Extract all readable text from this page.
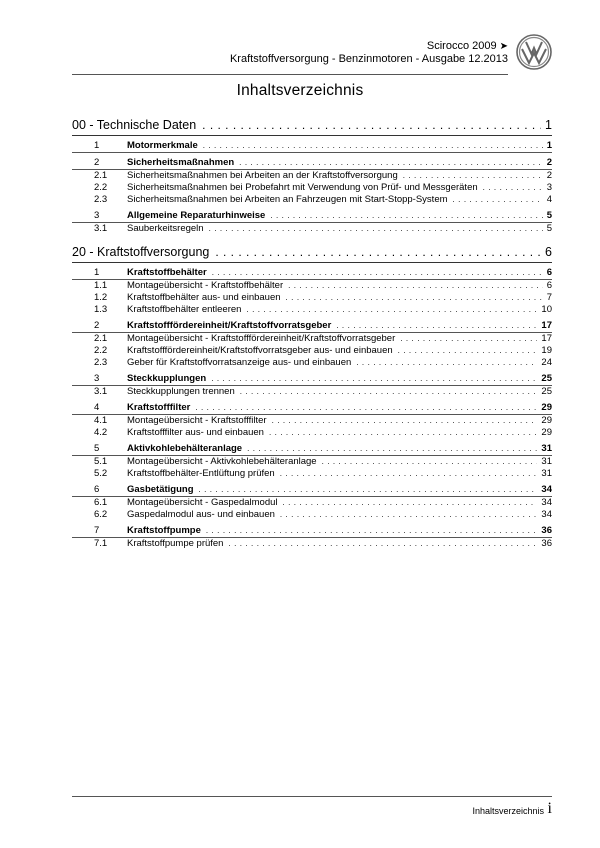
Scirocco 2009 ➤
Kraftstoffversorgung - Benzinmotoren - Ausgabe 12.2013
Inhaltsverzeichnis
00 - Technische Daten . . .	1
1	Motormerkmale . . .	1
2	Sicherheitsmaßnahmen . . .	2
2.1	Sicherheitsmaßnahmen bei Arbeiten an der Kraftstoffversorgung . . .	2
2.2	Sicherheitsmaßnahmen bei Probefahrt mit Verwendung von Prüf- und Messgeräten . . .	3
2.3	Sicherheitsmaßnahmen bei Arbeiten an Fahrzeugen mit Start-Stopp-System . . .	4
3	Allgemeine Reparaturhinweise . . .	5
3.1	Sauberkeitsregeln . . .	5
20 - Kraftstoffversorgung . . .	6
1	Kraftstoffbehälter . . .	6
1.1	Montageübersicht - Kraftstoffbehälter . . .	6
1.2	Kraftstoffbehälter aus- und einbauen . . .	7
1.3	Kraftstoffbehälter entleeren . . .	10
2	Kraftstofffördereinheit/Kraftstoffvorratsgeber . . .	17
2.1	Montageübersicht - Kraftstofffördereinheit/Kraftstoffvorratsgeber . . .	17
2.2	Kraftstofffördereinheit/Kraftstoffvorratsgeber aus- und einbauen . . .	19
2.3	Geber für Kraftstoffvorratsanzeige aus- und einbauen . . .	24
3	Steckkupplungen . . .	25
3.1	Steckkupplungen trennen . . .	25
4	Kraftstofffilter . . .	29
4.1	Montageübersicht - Kraftstofffilter . . .	29
4.2	Kraftstofffilter aus- und einbauen . . .	29
5	Aktivkohlebehälteranlage . . .	31
5.1	Montageübersicht - Aktivkohlebehälteranlage . . .	31
5.2	Kraftstoffbehälter-Entlüftung prüfen . . .	31
6	Gasbetätigung . . .	34
6.1	Montageübersicht - Gaspedalmodul . . .	34
6.2	Gaspedalmodul aus- und einbauen . . .	34
7	Kraftstoffpumpe . . .	36
7.1	Kraftstoffpumpe prüfen . . .	36
Inhaltsverzeichnis i
